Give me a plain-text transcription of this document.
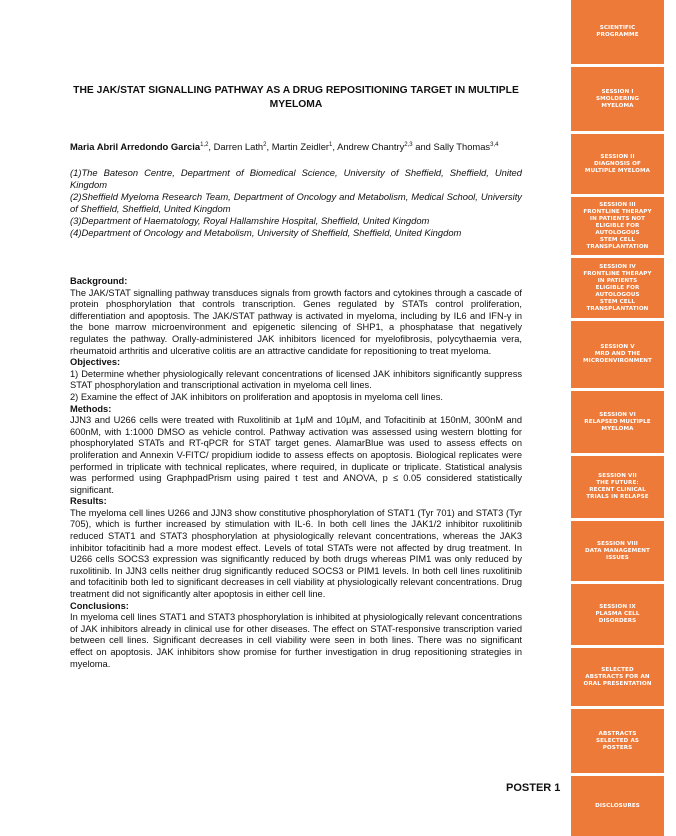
SCIENTIFIC
PROGRAMME
SESSION I
SMOLDERING
MYELOMA
SESSION II
DIAGNOSIS OF
MULTIPLE MYELOMA
SESSION III
FRONTLINE THERAPY
IN PATIENTS NOT
ELIGIBLE FOR
AUTOLOGOUS
STEM CELL
TRANSPLANTATION
SESSION IV
FRONTLINE THERAPY
IN PATIENTS
ELIGIBLE FOR
AUTOLOGOUS
STEM CELL
TRANSPLANTATION
SESSION V
MRD AND THE
MICROENVIRONMENT
SESSION VI
RELAPSED MULTIPLE
MYELOMA
SESSION VII
THE FUTURE:
RECENT CLINICAL
TRIALS IN RELAPSE
SESSION VIII
DATA MANAGEMENT
ISSUES
SESSION IX
PLASMA CELL
DISORDERS
SELECTED
ABSTRACTS FOR AN
ORAL PRESENTATION
ABSTRACTS
SELECTED AS
POSTERS
DISCLOSURES
THE JAK/STAT SIGNALLING PATHWAY AS A DRUG REPOSITIONING TARGET IN MULTIPLE
MYELOMA
Maria Abril Arredondo Garcia$^{1,2}$, Darren Lath$^2$, Martin Zeidler$^1$, Andrew Chantry$^{2,3}$ and Sally Thomas$^{3,4}$

(1)The Bateson Centre, Department of Biomedical Science, University of Sheffield, Sheffield, United Kingdom

(2)Sheffield Myeloma Research Team, Department of Oncology and Metabolism, Medical School, University of Sheffield, Sheffield, United Kingdom

(3)Department of Haematology, Royal Hallamshire Hospital, Sheffield, United Kingdom

(4)Department of Oncology and Metabolism, University of Sheffield, Sheffield, United Kingdom

Background:

The JAK/STAT signalling pathway transduces signals from growth factors and cytokines through a cascade of protein phosphorylation that controls transcription. Genes regulated by STATs control proliferation, differentiation and apoptosis. The JAK/STAT pathway is activated in myeloma, including by IL6 and IFN-γ in the bone marrow microenvironment and epigenetic silencing of SHP1, a phosphatase that negatively regulates the pathway. Orally-administered JAK inhibitors licenced for myelofibrosis, polycythaemia vera, rheumatoid arthritis and ulcerative colitis are an attractive candidate for repositioning to treat myeloma.

Objectives:

1) Determine whether physiologically relevant concentrations of licensed JAK inhibitors significantly suppress STAT phosphorylation and transcriptional activation in myeloma cell lines.

2) Examine the effect of JAK inhibitors on proliferation and apoptosis in myeloma cell lines.

Methods:

JJN3 and U266 cells were treated with Ruxolitinib at 1µM and 10µM, and Tofacitinib at 150nM, 300nM and 600nM, with 1:1000 DMSO as vehicle control. Pathway activation was assessed using western blotting for phosphorylated STATs and RT-qPCR for STAT target genes. AlamarBlue was used to assess effects on proliferation and Annexin V-FITC/ propidium iodide to assess effects on apoptosis. Biological replicates were performed in triplicate with technical replicates, where required, in duplicate or triplicate. Statistical analysis was performed using GraphpadPrism using paired t test and ANOVA, p ≤ 0.05 considered statistically significant.

Results:

The myeloma cell lines U266 and JJN3 show constitutive phosphorylation of STAT1 (Tyr 701) and STAT3 (Tyr 705), which is further increased by stimulation with IL-6. In both cell lines the JAK1/2 inhibitor ruxolitinib reduced STAT1 and STAT3 phosphorylation at physiologically relevant concentrations, whereas the JAK3 inhibitor tofacitinib had a more modest effect. Levels of total STATs were not affected by drug treatment. In U266 cells SOCS3 expression was significantly reduced by both drugs whereas PIM1 was only reduced by ruxolitinib. In JJN3 cells neither drug significantly reduced SOCS3 or PIM1 levels. In both cell lines ruxolitinib and tofacitinib both led to significant decreases in cell viability at physiologically relevant concentrations. Drug treatment did not significantly alter apoptosis in either cell line.

Conclusions:

In myeloma cell lines STAT1 and STAT3 phosphorylation is inhibited at physiologically relevant concentrations of JAK inhibitors already in clinical use for other diseases. The effect on STAT-responsive transcription varied between cell lines. Significant decreases in cell viability were seen in both lines. There was no significant effect on apoptosis. JAK inhibitors show promise for further investigation in drug repositioning strategies in myeloma.

POSTER 1
